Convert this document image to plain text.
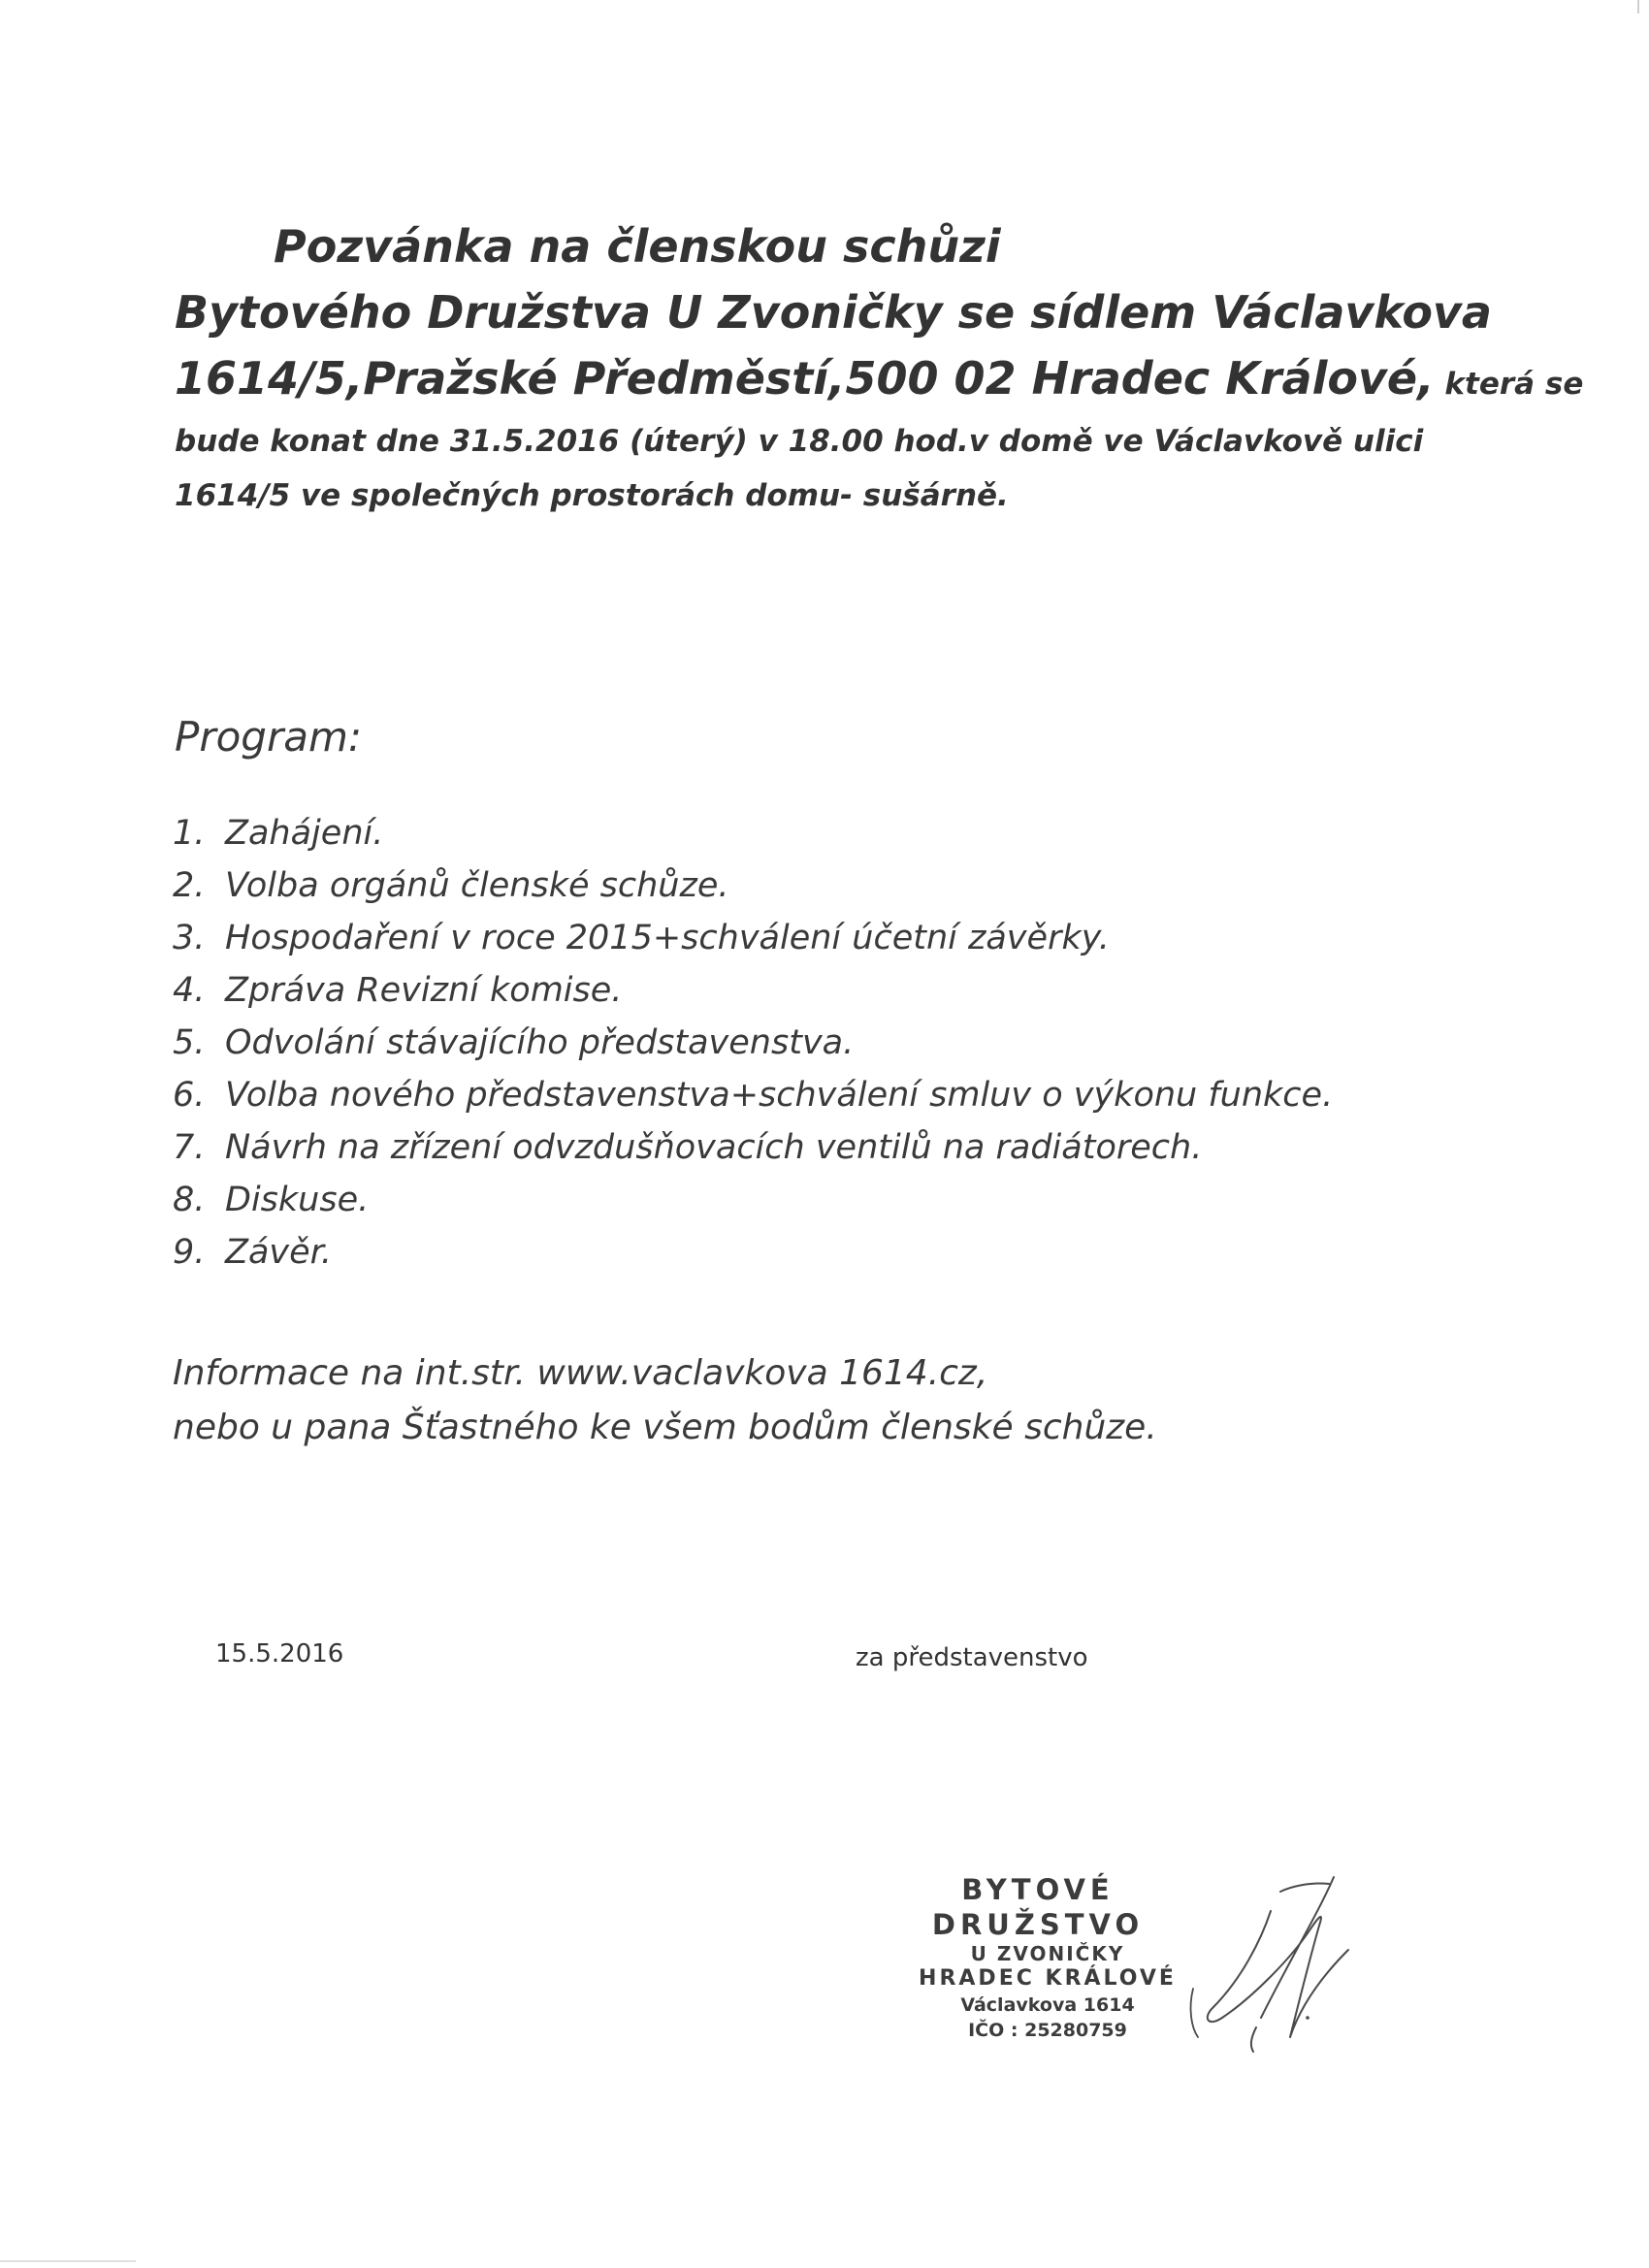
Pozvánka na členskou schůzi
Bytového Družstva U Zvoničky se sídlem Václavkova
1614/5,Pražské Předměstí,500 02 Hradec Králové, která se
bude konat dne 31.5.2016 (úterý) v 18.00 hod.v domě ve Václavkově ulici
1614/5 ve společných prostorách domu- sušárně.
Program:
1. Zahájení.
2. Volba orgánů členské schůze.
3. Hospodaření v roce 2015+schválení účetní závěrky.
4. Zpráva Revizní komise.
5. Odvolání stávajícího představenstva.
6. Volba nového představenstva+schválení smluv o výkonu funkce.
7. Návrh na zřízení odvzdušňovacích ventilů na radiátorech.
8. Diskuse.
9. Závěr.
Informace na int.str. www.vaclavkova 1614.cz,
nebo u pana Šťastného ke všem bodům členské schůze.
15.5.2016	za představenstvo
BYTOVÉ DRUŽSTVO
U ZVONIČKY
HRADEC KRÁLOVÉ
Václavkova 1614
IČO : 25280759
